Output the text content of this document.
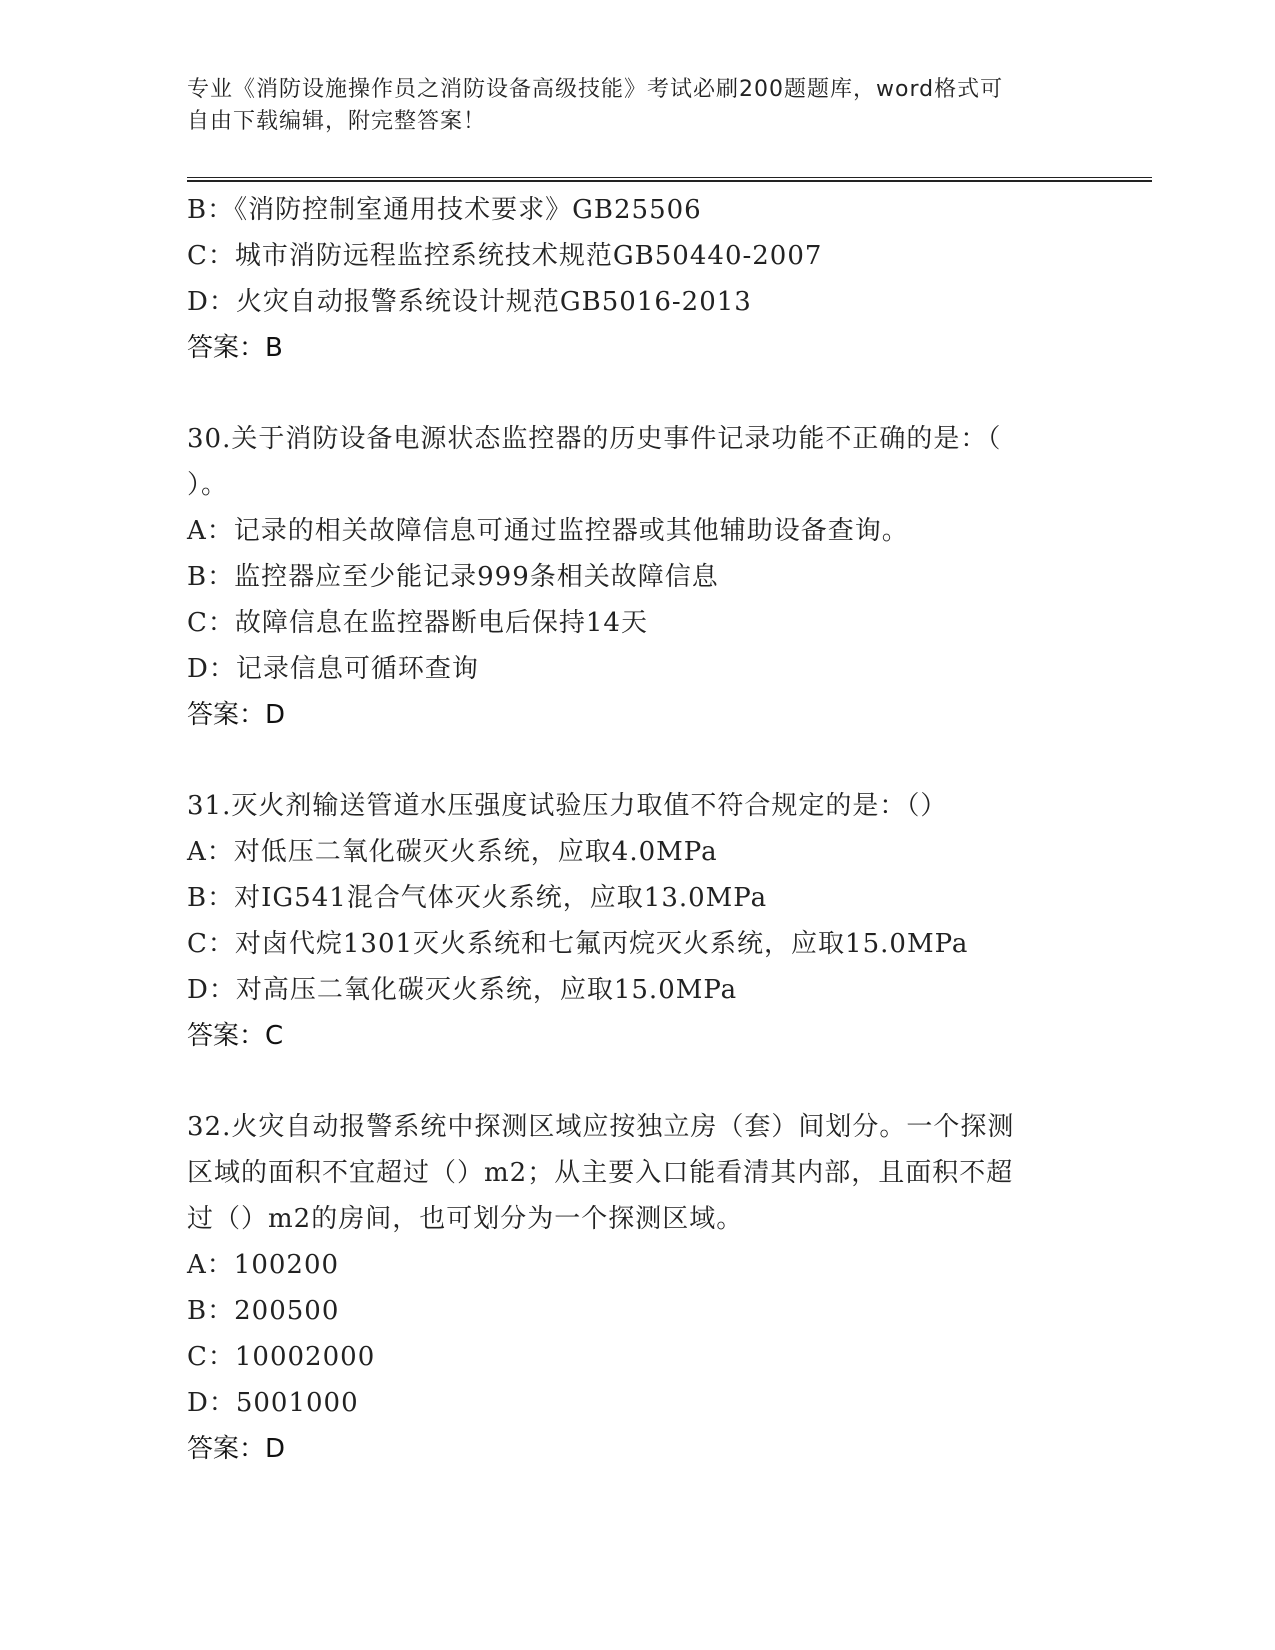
专业《消防设施操作员之消防设备高级技能》考试必刷200题题库，word格式可
自由下载编辑，附完整答案！
B：《消防控制室通用技术要求》GB25506
C：城市消防远程监控系统技术规范GB50440-2007
D：火灾自动报警系统设计规范GB5016-2013
答案：B
30.关于消防设备电源状态监控器的历史事件记录功能不正确的是：（
）。
A：记录的相关故障信息可通过监控器或其他辅助设备查询。
B：监控器应至少能记录999条相关故障信息
C：故障信息在监控器断电后保持14天
D：记录信息可循环查询
答案：D
31.灭火剂输送管道水压强度试验压力取值不符合规定的是：（）
A：对低压二氧化碳灭火系统，应取4.0MPa
B：对IG541混合气体灭火系统，应取13.0MPa
C：对卤代烷1301灭火系统和七氟丙烷灭火系统，应取15.0MPa
D：对高压二氧化碳灭火系统，应取15.0MPa
答案：C
32.火灾自动报警系统中探测区域应按独立房（套）间划分。一个探测
区域的面积不宜超过（）m2；从主要入口能看清其内部，且面积不超
过（）m2的房间，也可划分为一个探测区域。
A：100200
B：200500
C：10002000
D：5001000
答案：D
